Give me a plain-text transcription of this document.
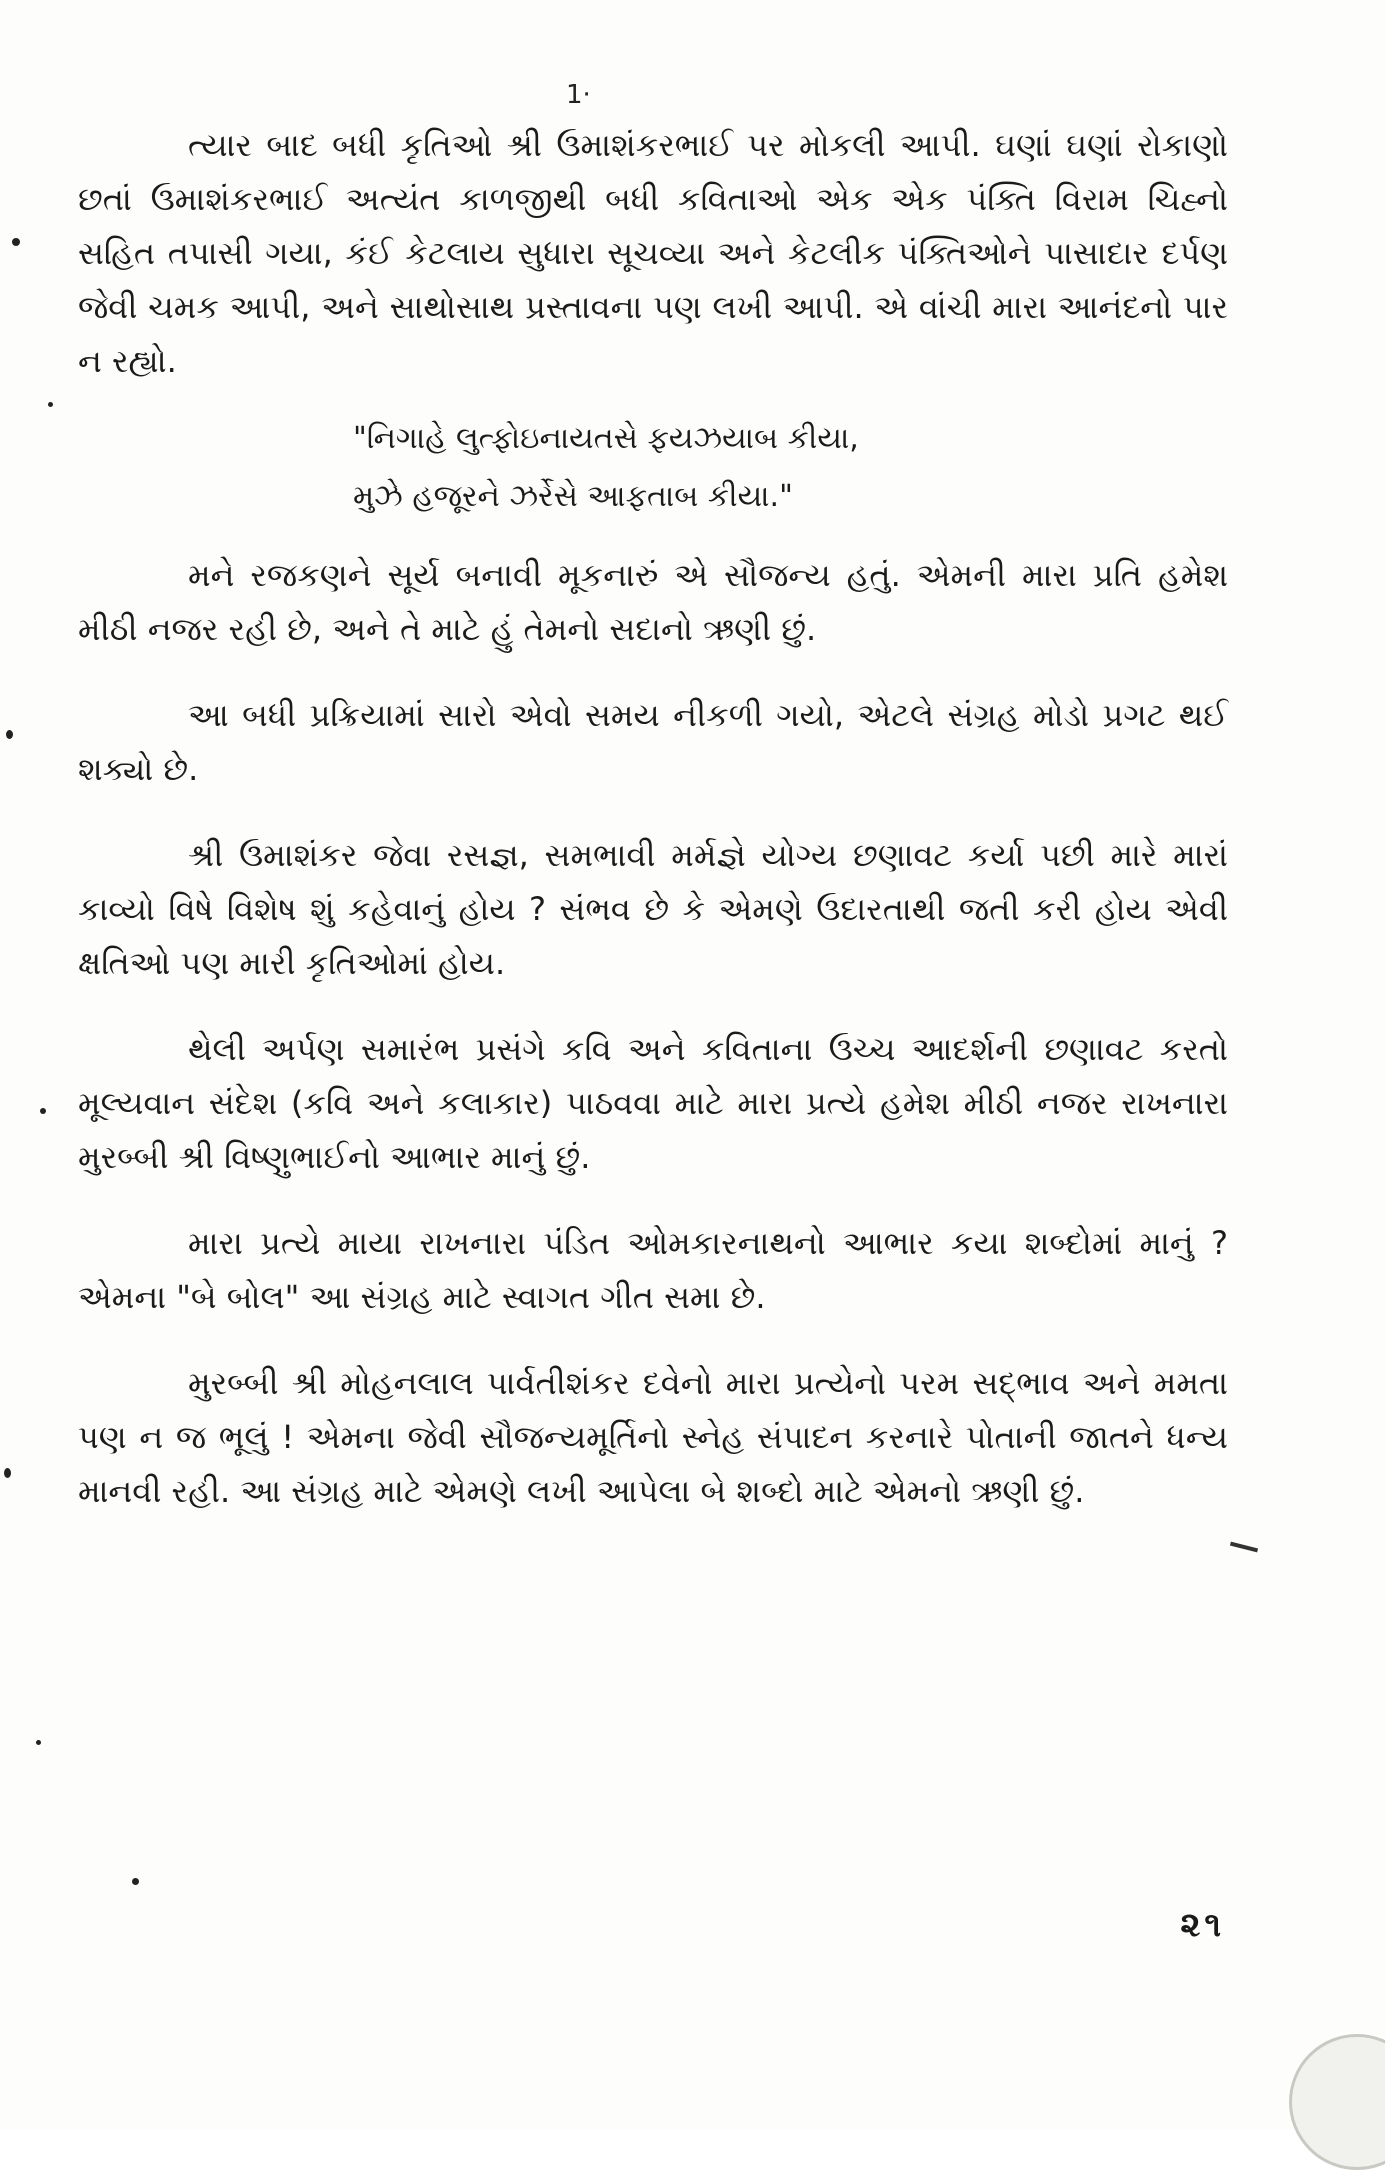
1·

ત્યાર બાદ બધી કૃતિઓ શ્રી ઉમાશંકરભાઈ પર મોકલી આપી. ઘણાં ઘણાં રોકાણો છતાં ઉમાશંકરભાઈ અત્યંત કાળજીથી બધી કવિતાઓ એક એક પંક્તિ વિરામ ચિહ્નો સહિત તપાસી ગયા, કંઈ કેટલાય સુધારા સૂચવ્યા અને કેટલીક પંક્તિઓને પાસાદાર દર્પણ જેવી ચમક આપી, અને સાથોસાથ પ્રસ્તાવના પણ લખી આપી. એ વાંચી મારા આનંદનો પાર ન રહ્યો.

"નિગાહે લુત્ફોઇનાયતસે ફયઝયાબ કીયા,
મુઝે હજૂરને ઝર્રેસે આફતાબ કીયા."

મને રજકણને સૂર્ય બનાવી મૂકનારું એ સૌજન્ય હતું. એમની મારા પ્રતિ હમેશ મીઠી નજર રહી છે, અને તે માટે હું તેમનો સદાનો ઋણી છું.

આ બધી પ્રક્રિયામાં સારો એવો સમય નીકળી ગયો, એટલે સંગ્રહ મોડો પ્રગટ થઈ શક્યો છે.

શ્રી ઉમાશંકર જેવા રસજ્ઞ, સમભાવી મર્મજ્ઞે યોગ્ય છણાવટ કર્યા પછી મારે મારાં કાવ્યો વિષે વિશેષ શું કહેવાનું હોય ? સંભવ છે કે એમણે ઉદારતાથી જતી કરી હોય એવી ક્ષતિઓ પણ મારી કૃતિઓમાં હોય.

થેલી અર્પણ સમારંભ પ્રસંગે કવિ અને કવિતાના ઉચ્ચ આદર્શની છણાવટ કરતો મૂલ્યવાન સંદેશ (કવિ અને કલાકાર) પાઠવવા માટે મારા પ્રત્યે હમેશ મીઠી નજર રાખનારા મુરબ્બી શ્રી વિષ્ણુભાઈનો આભાર માનું છું.

મારા પ્રત્યે માયા રાખનારા પંડિત ઓમકારનાથનો આભાર કયા શબ્દોમાં માનું ? એમના "બે બોલ" આ સંગ્રહ માટે સ્વાગત ગીત સમા છે.

મુરબ્બી શ્રી મોહનલાલ પાર્વતીશંકર દવેનો મારા પ્રત્યેનો પરમ સદ્ભાવ અને મમતા પણ ન જ ભૂલું ! એમના જેવી સૌજન્યમૂર્તિનો સ્નેહ સંપાદન કરનારે પોતાની જાતને ધન્ય માનવી રહી. આ સંગ્રહ માટે એમણે લખી આપેલા બે શબ્દો માટે એમનો ઋણી છું.

૨૧
